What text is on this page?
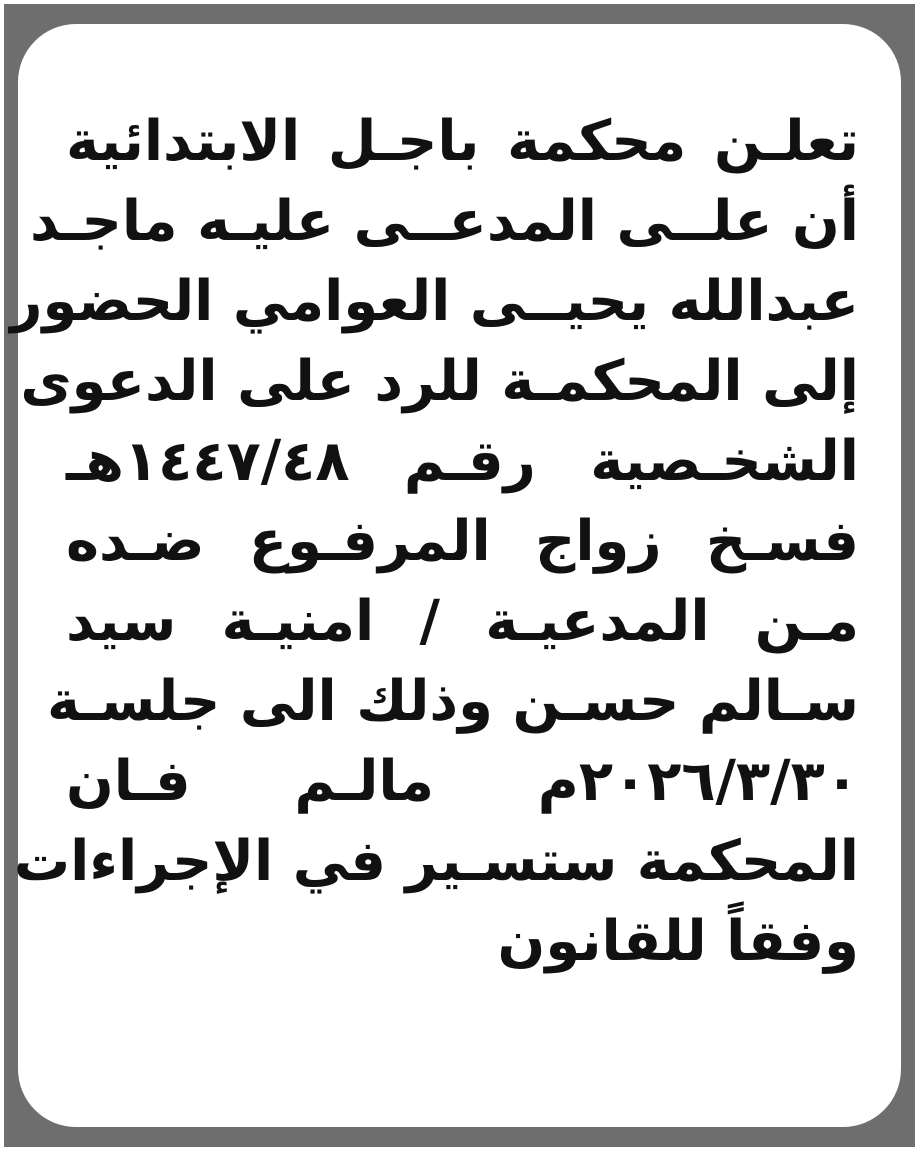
تعلـن محكمة باجـل الابتدائية
أن علــى المدعــى عليـه ماجـد
عبدالله يحيــى العوامي الحضور
إلى المحكمـة للرد على الدعوى
الشخـصية رقـم ١٤٤٧/٤٨هـ
فسـخ زواج المرفـوع ضـده
مـن المدعيـة / امنيـة سيد
سـالم حسـن وذلك الى جلسـة
٢٠٢٦/٣/٣٠م مالـم فـان
المحكمة ستسـير في الإجراءات
وفقاً للقانون
